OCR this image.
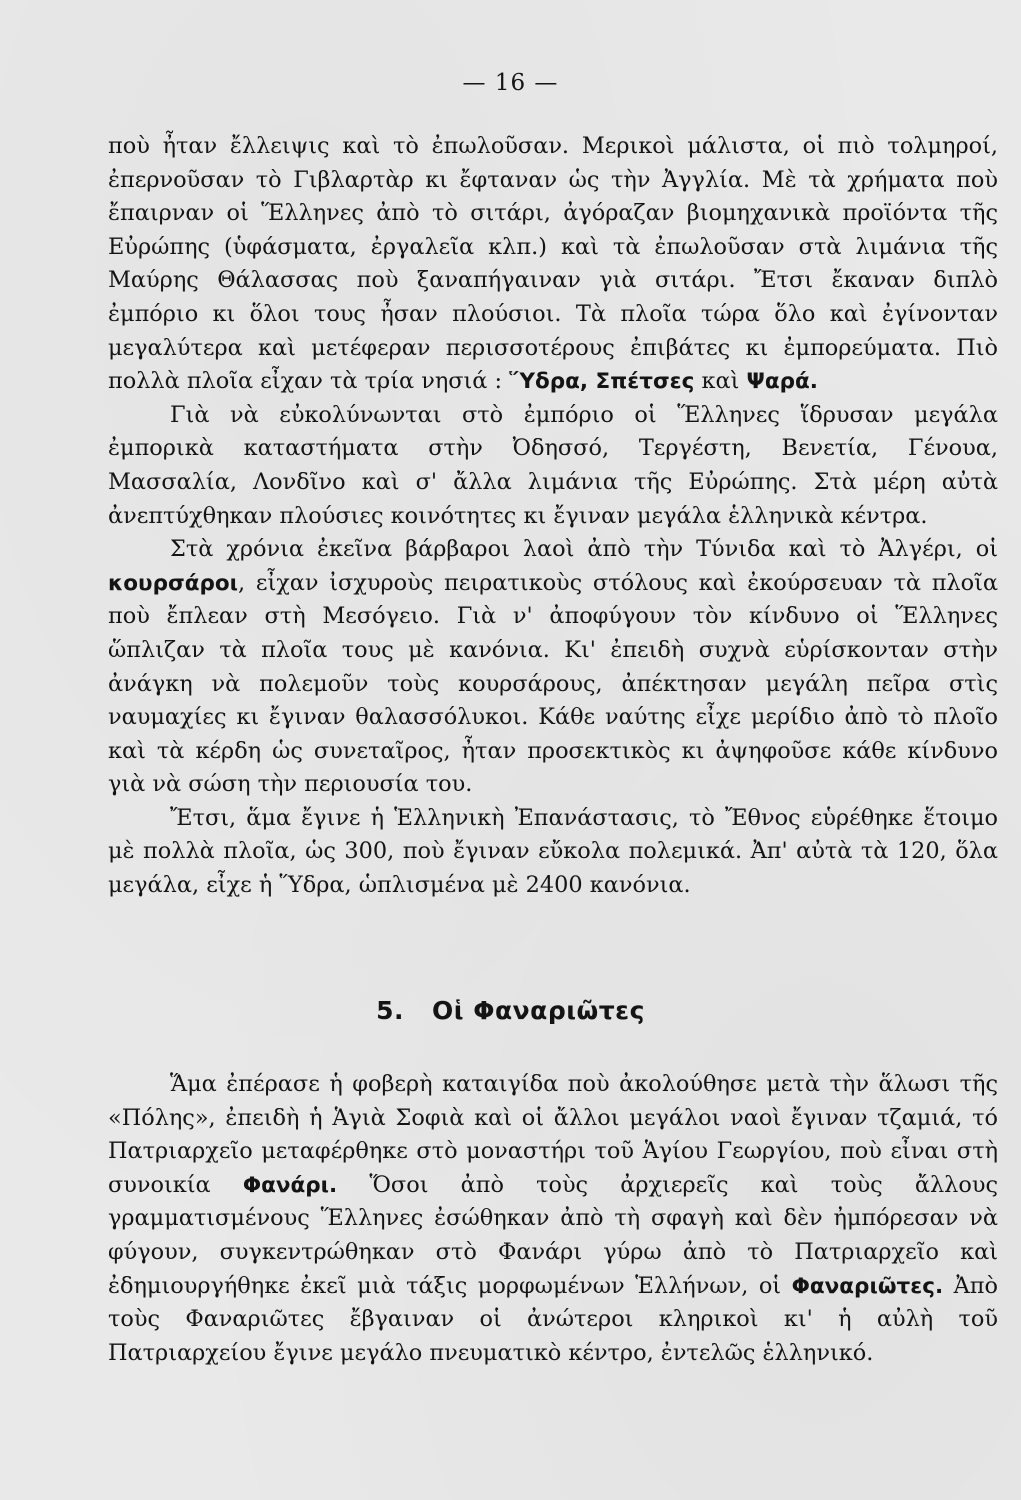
— 16 —

ποὺ ἦταν ἔλλειψις καὶ τὸ ἐπωλοῦσαν. Μερικοὶ μάλιστα, οἱ πιὸ τολμηροί, ἐπερνοῦσαν τὸ Γιβλαρτὰρ κι ἔφταναν ὡς τὴν Ἀγγλία. Μὲ τὰ χρήματα ποὺ ἔπαιρναν οἱ Ἕλληνες ἀπὸ τὸ σιτάρι, ἀγόραζαν βιομηχανικὰ προϊόντα τῆς Εὐρώπης (ὑφάσματα, ἐργαλεῖα κλπ.) καὶ τὰ ἐπωλοῦσαν στὰ λιμάνια τῆς Μαύρης Θάλασσας ποὺ ξαναπήγαιναν γιὰ σιτάρι. Ἔτσι ἔκαναν διπλὸ ἐμπόριο κι ὅλοι τους ἦσαν πλούσιοι. Τὰ πλοῖα τώρα ὅλο καὶ ἐγίνονταν μεγαλύτερα καὶ μετέφεραν περισσοτέρους ἐπιβάτες κι ἐμπορεύματα. Πιὸ πολλὰ πλοῖα εἶχαν τὰ τρία νησιά : Ὕδρα, Σπέτσες καὶ Ψαρά.

Γιὰ νὰ εὐκολύνωνται στὸ ἐμπόριο οἱ Ἕλληνες ἵδρυσαν μεγάλα ἐμπορικὰ καταστήματα στὴν Ὀδησσό, Τεργέστη, Βενετία, Γένουα, Μασσαλία, Λονδῖνο καὶ σ' ἄλλα λιμάνια τῆς Εὐρώπης. Στὰ μέρη αὐτὰ ἀνεπτύχθηκαν πλούσιες κοινότητες κι ἔγιναν μεγάλα ἑλληνικὰ κέντρα.

Στὰ χρόνια ἐκεῖνα βάρβαροι λαοὶ ἀπὸ τὴν Τύνιδα καὶ τὸ Ἀλγέρι, οἱ κουρσάροι, εἶχαν ἰσχυροὺς πειρατικοὺς στόλους καὶ ἐκούρσευαν τὰ πλοῖα ποὺ ἔπλεαν στὴ Μεσόγειο. Γιὰ ν' ἀποφύγουν τὸν κίνδυνο οἱ Ἕλληνες ὥπλιζαν τὰ πλοῖα τους μὲ κανόνια. Κι' ἐπειδὴ συχνὰ εὑρίσκονταν στὴν ἀνάγκη νὰ πολεμοῦν τοὺς κουρσάρους, ἀπέκτησαν μεγάλη πεῖρα στὶς ναυμαχίες κι ἔγιναν θαλασσόλυκοι. Κάθε ναύτης εἶχε μερίδιο ἀπὸ τὸ πλοῖο καὶ τὰ κέρδη ὡς συνεταῖρος, ἦταν προσεκτικὸς κι ἀψηφοῦσε κάθε κίνδυνο γιὰ νὰ σώση τὴν περιουσία του.

Ἔτσι, ἅμα ἔγινε ἡ Ἑλληνικὴ Ἐπανάστασις, τὸ Ἔθνος εὑρέθηκε ἕτοιμο μὲ πολλὰ πλοῖα, ὡς 300, ποὺ ἔγιναν εὔκολα πολεμικά. Ἀπ' αὐτὰ τὰ 120, ὅλα μεγάλα, εἶχε ἡ Ὕδρα, ὡπλισμένα μὲ 2400 κανόνια.

5. Οἱ Φαναριῶτες

Ἅμα ἐπέρασε ἡ φοβερὴ καταιγίδα ποὺ ἀκολούθησε μετὰ τὴν ἅλωσι τῆς «Πόλης», ἐπειδὴ ἡ Ἁγιὰ Σοφιὰ καὶ οἱ ἄλλοι μεγάλοι ναοὶ ἔγιναν τζαμιά, τό Πατριαρχεῖο μεταφέρθηκε στὸ μοναστήρι τοῦ Ἁγίου Γεωργίου, ποὺ εἶναι στὴ συνοικία Φανάρι. Ὅσοι ἀπὸ τοὺς ἀρχιερεῖς καὶ τοὺς ἄλλους γραμματισμένους Ἕλληνες ἐσώθηκαν ἀπὸ τὴ σφαγὴ καὶ δὲν ἠμπόρεσαν νὰ φύγουν, συγκεντρώθηκαν στὸ Φανάρι γύρω ἀπὸ τὸ Πατριαρχεῖο καὶ ἐδημιουργήθηκε ἐκεῖ μιὰ τάξις μορφωμένων Ἑλλήνων, οἱ Φαναριῶτες. Ἀπὸ τοὺς Φαναριῶτες ἔβγαιναν οἱ ἀνώτεροι κληρικοὶ κι' ἡ αὐλὴ τοῦ Πατριαρχείου ἔγινε μεγάλο πνευματικὸ κέντρο, ἐντελῶς ἑλληνικό.
